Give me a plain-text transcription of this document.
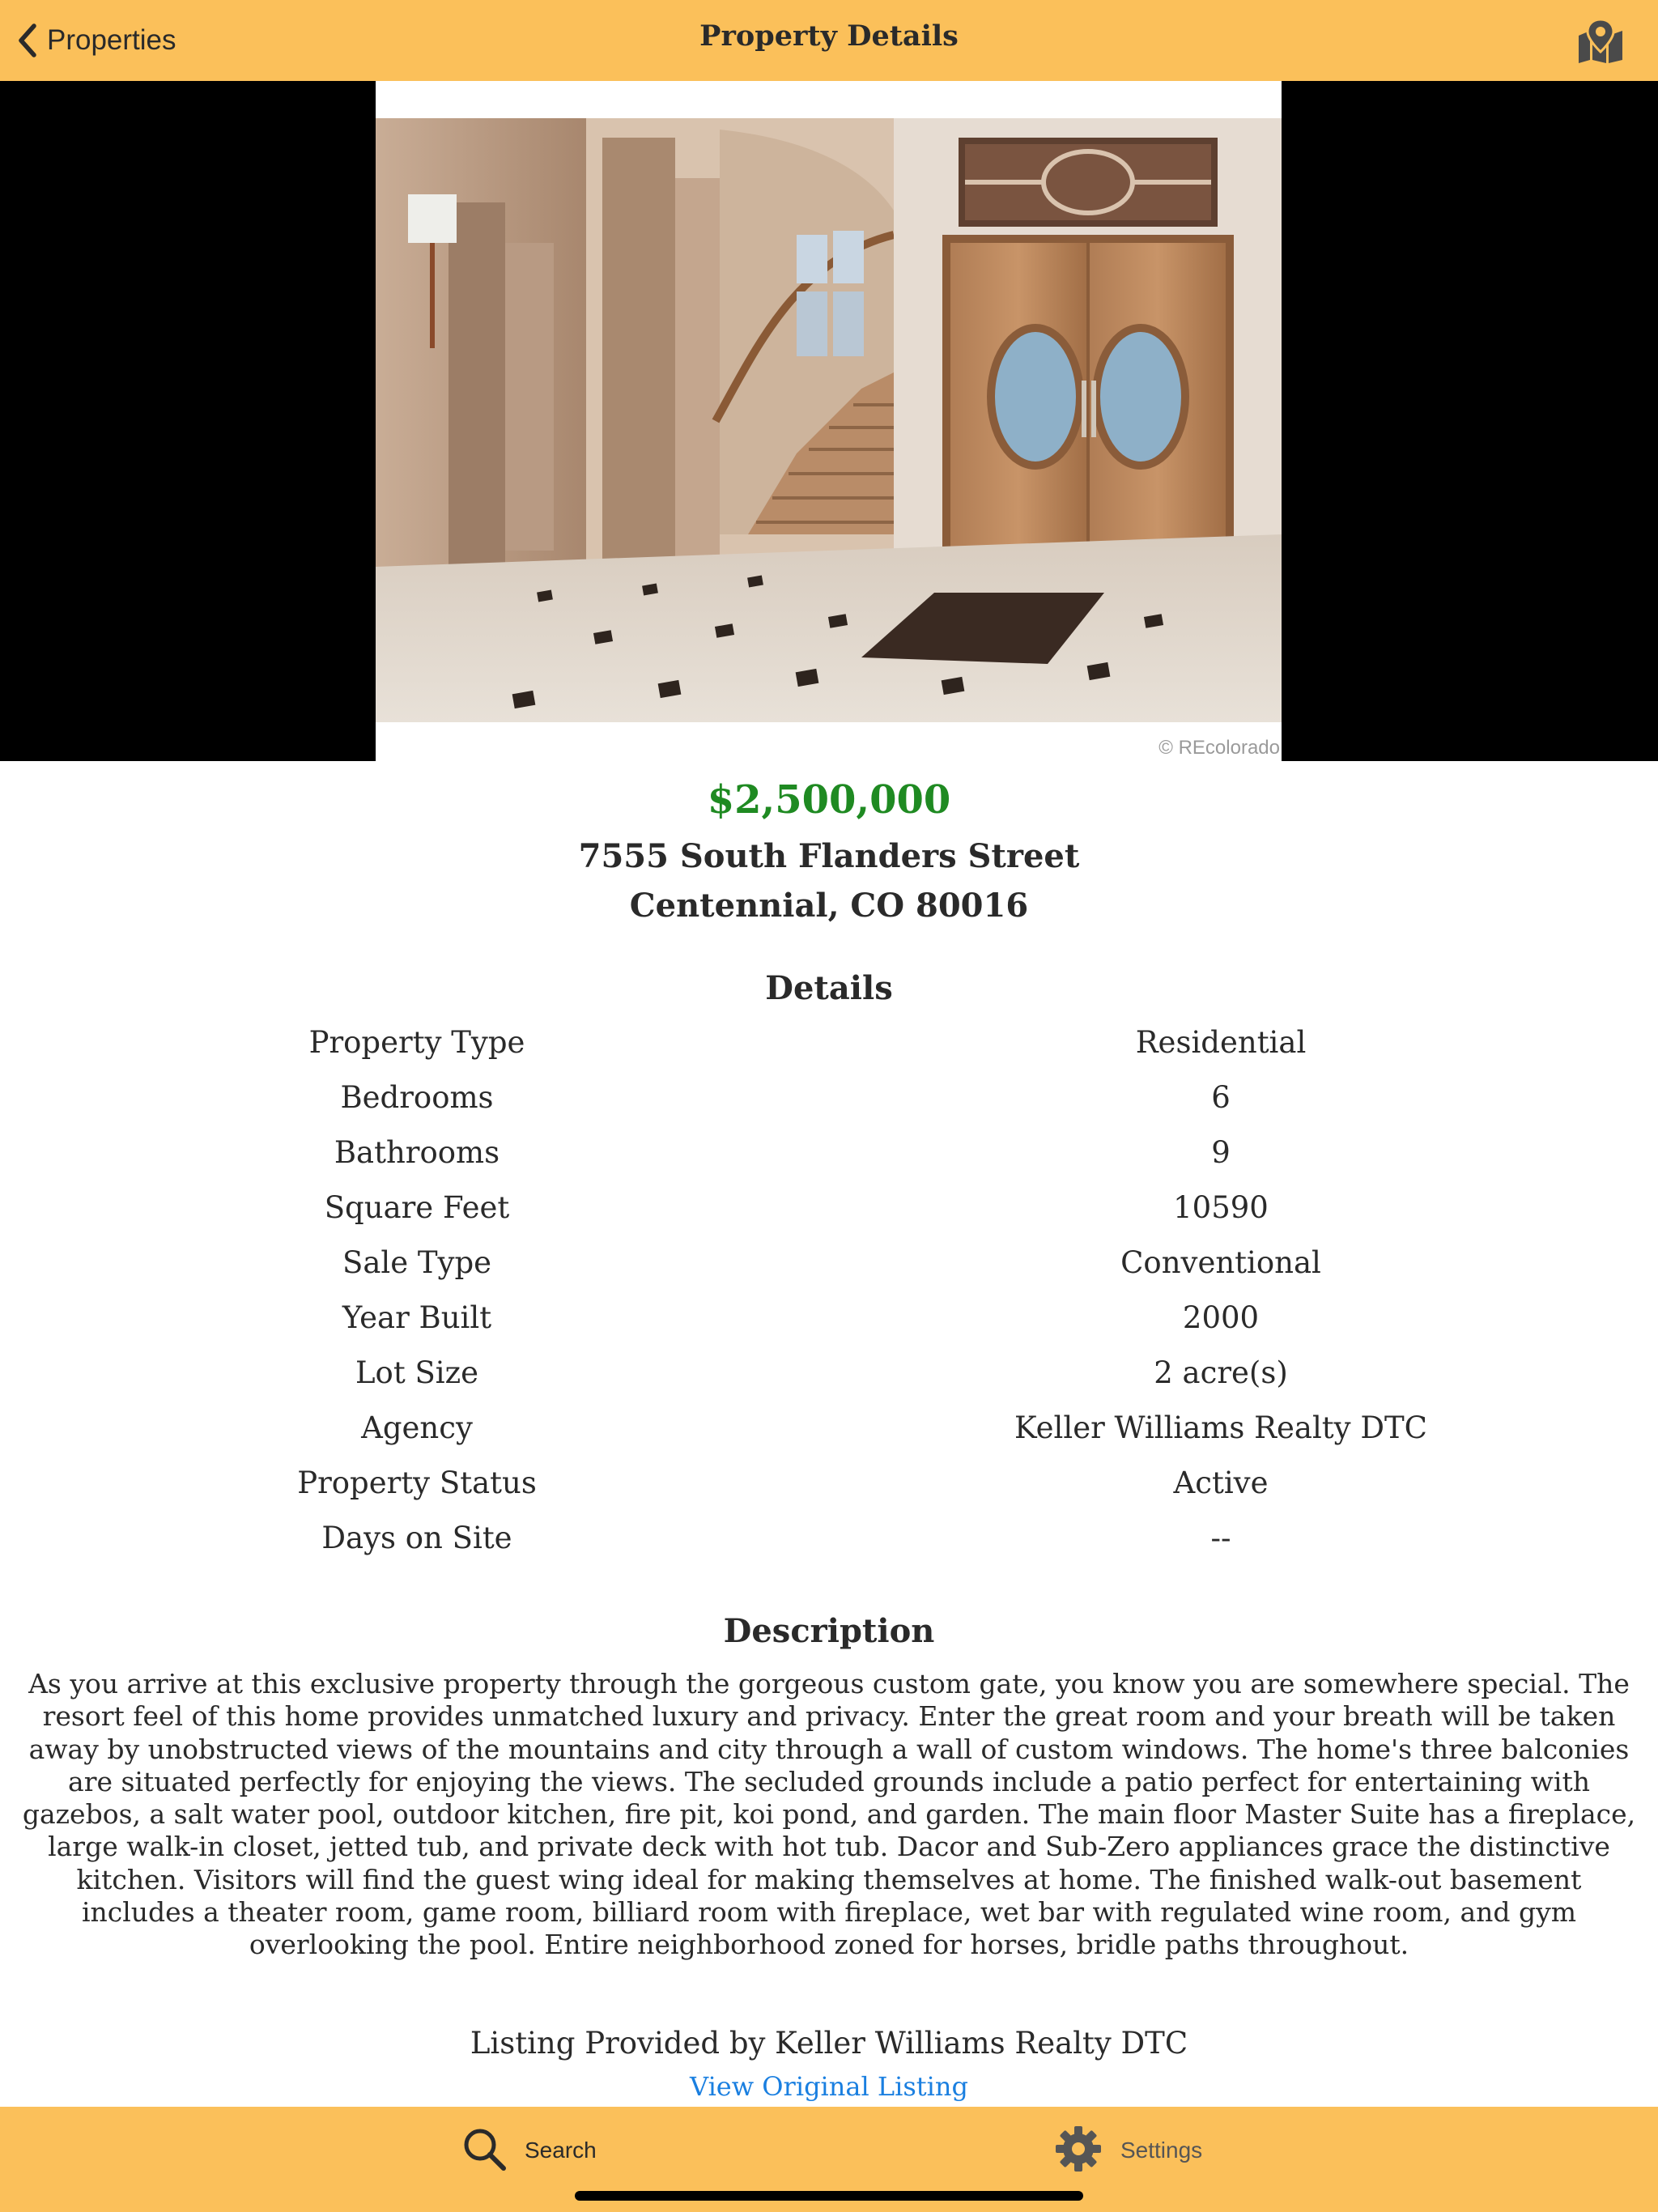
Properties	Property Details
© REcolorado
$2,500,000
7555 South Flanders Street
Centennial, CO 80016
Details
Property Type	Residential
Bedrooms	6
Bathrooms	9
Square Feet	10590
Sale Type	Conventional
Year Built	2000
Lot Size	2 acre(s)
Agency	Keller Williams Realty DTC
Property Status	Active
Days on Site	--
Description
As you arrive at this exclusive property through the gorgeous custom gate, you know you are somewhere special. The resort feel of this home provides unmatched luxury and privacy. Enter the great room and your breath will be taken away by unobstructed views of the mountains and city through a wall of custom windows. The home's three balconies are situated perfectly for enjoying the views. The secluded grounds include a patio perfect for entertaining with gazebos, a salt water pool, outdoor kitchen, fire pit, koi pond, and garden. The main floor Master Suite has a fireplace, large walk-in closet, jetted tub, and private deck with hot tub. Dacor and Sub-Zero appliances grace the distinctive kitchen. Visitors will find the guest wing ideal for making themselves at home. The finished walk-out basement includes a theater room, game room, billiard room with fireplace, wet bar with regulated wine room, and gym overlooking the pool. Entire neighborhood zoned for horses, bridle paths throughout.
Listing Provided by Keller Williams Realty DTC
View Original Listing
Search	Settings
